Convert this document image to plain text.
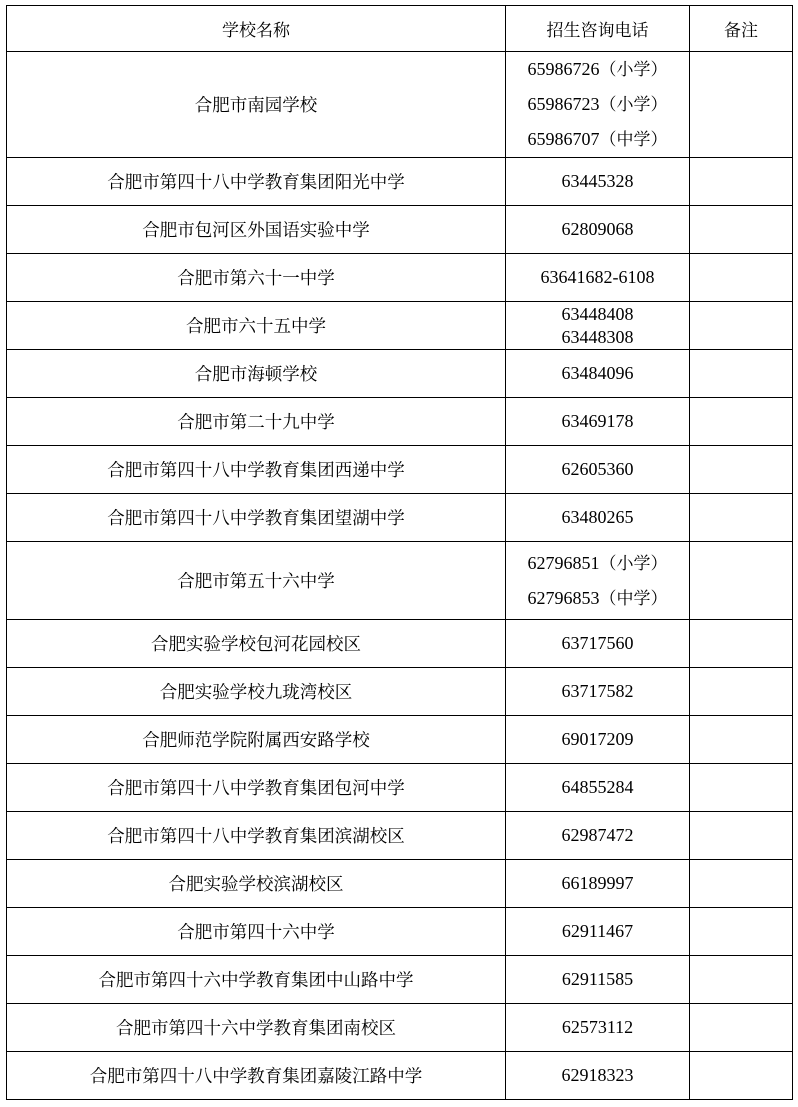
学校名称	招生咨询电话	备注
合肥市南园学校	65986726（小学）
65986723（小学）
65986707（中学）	

合肥市第四十八中学教育集团阳光中学	63445328	

合肥市包河区外国语实验中学	62809068	

合肥市第六十一中学	63641682-6108	

合肥市六十五中学	63448408
63448308	

合肥市海顿学校	63484096	

合肥市第二十九中学	63469178	

合肥市第四十八中学教育集团西递中学	62605360	

合肥市第四十八中学教育集团望湖中学	63480265	

合肥市第五十六中学	62796851（小学）
62796853（中学）	

合肥实验学校包河花园校区	63717560	

合肥实验学校九珑湾校区	63717582	

合肥师范学院附属西安路学校	69017209	

合肥市第四十八中学教育集团包河中学	64855284	

合肥市第四十八中学教育集团滨湖校区	62987472	

合肥实验学校滨湖校区	66189997	

合肥市第四十六中学	62911467	

合肥市第四十六中学教育集团中山路中学	62911585	

合肥市第四十六中学教育集团南校区	62573112	

合肥市第四十八中学教育集团嘉陵江路中学	62918323	
